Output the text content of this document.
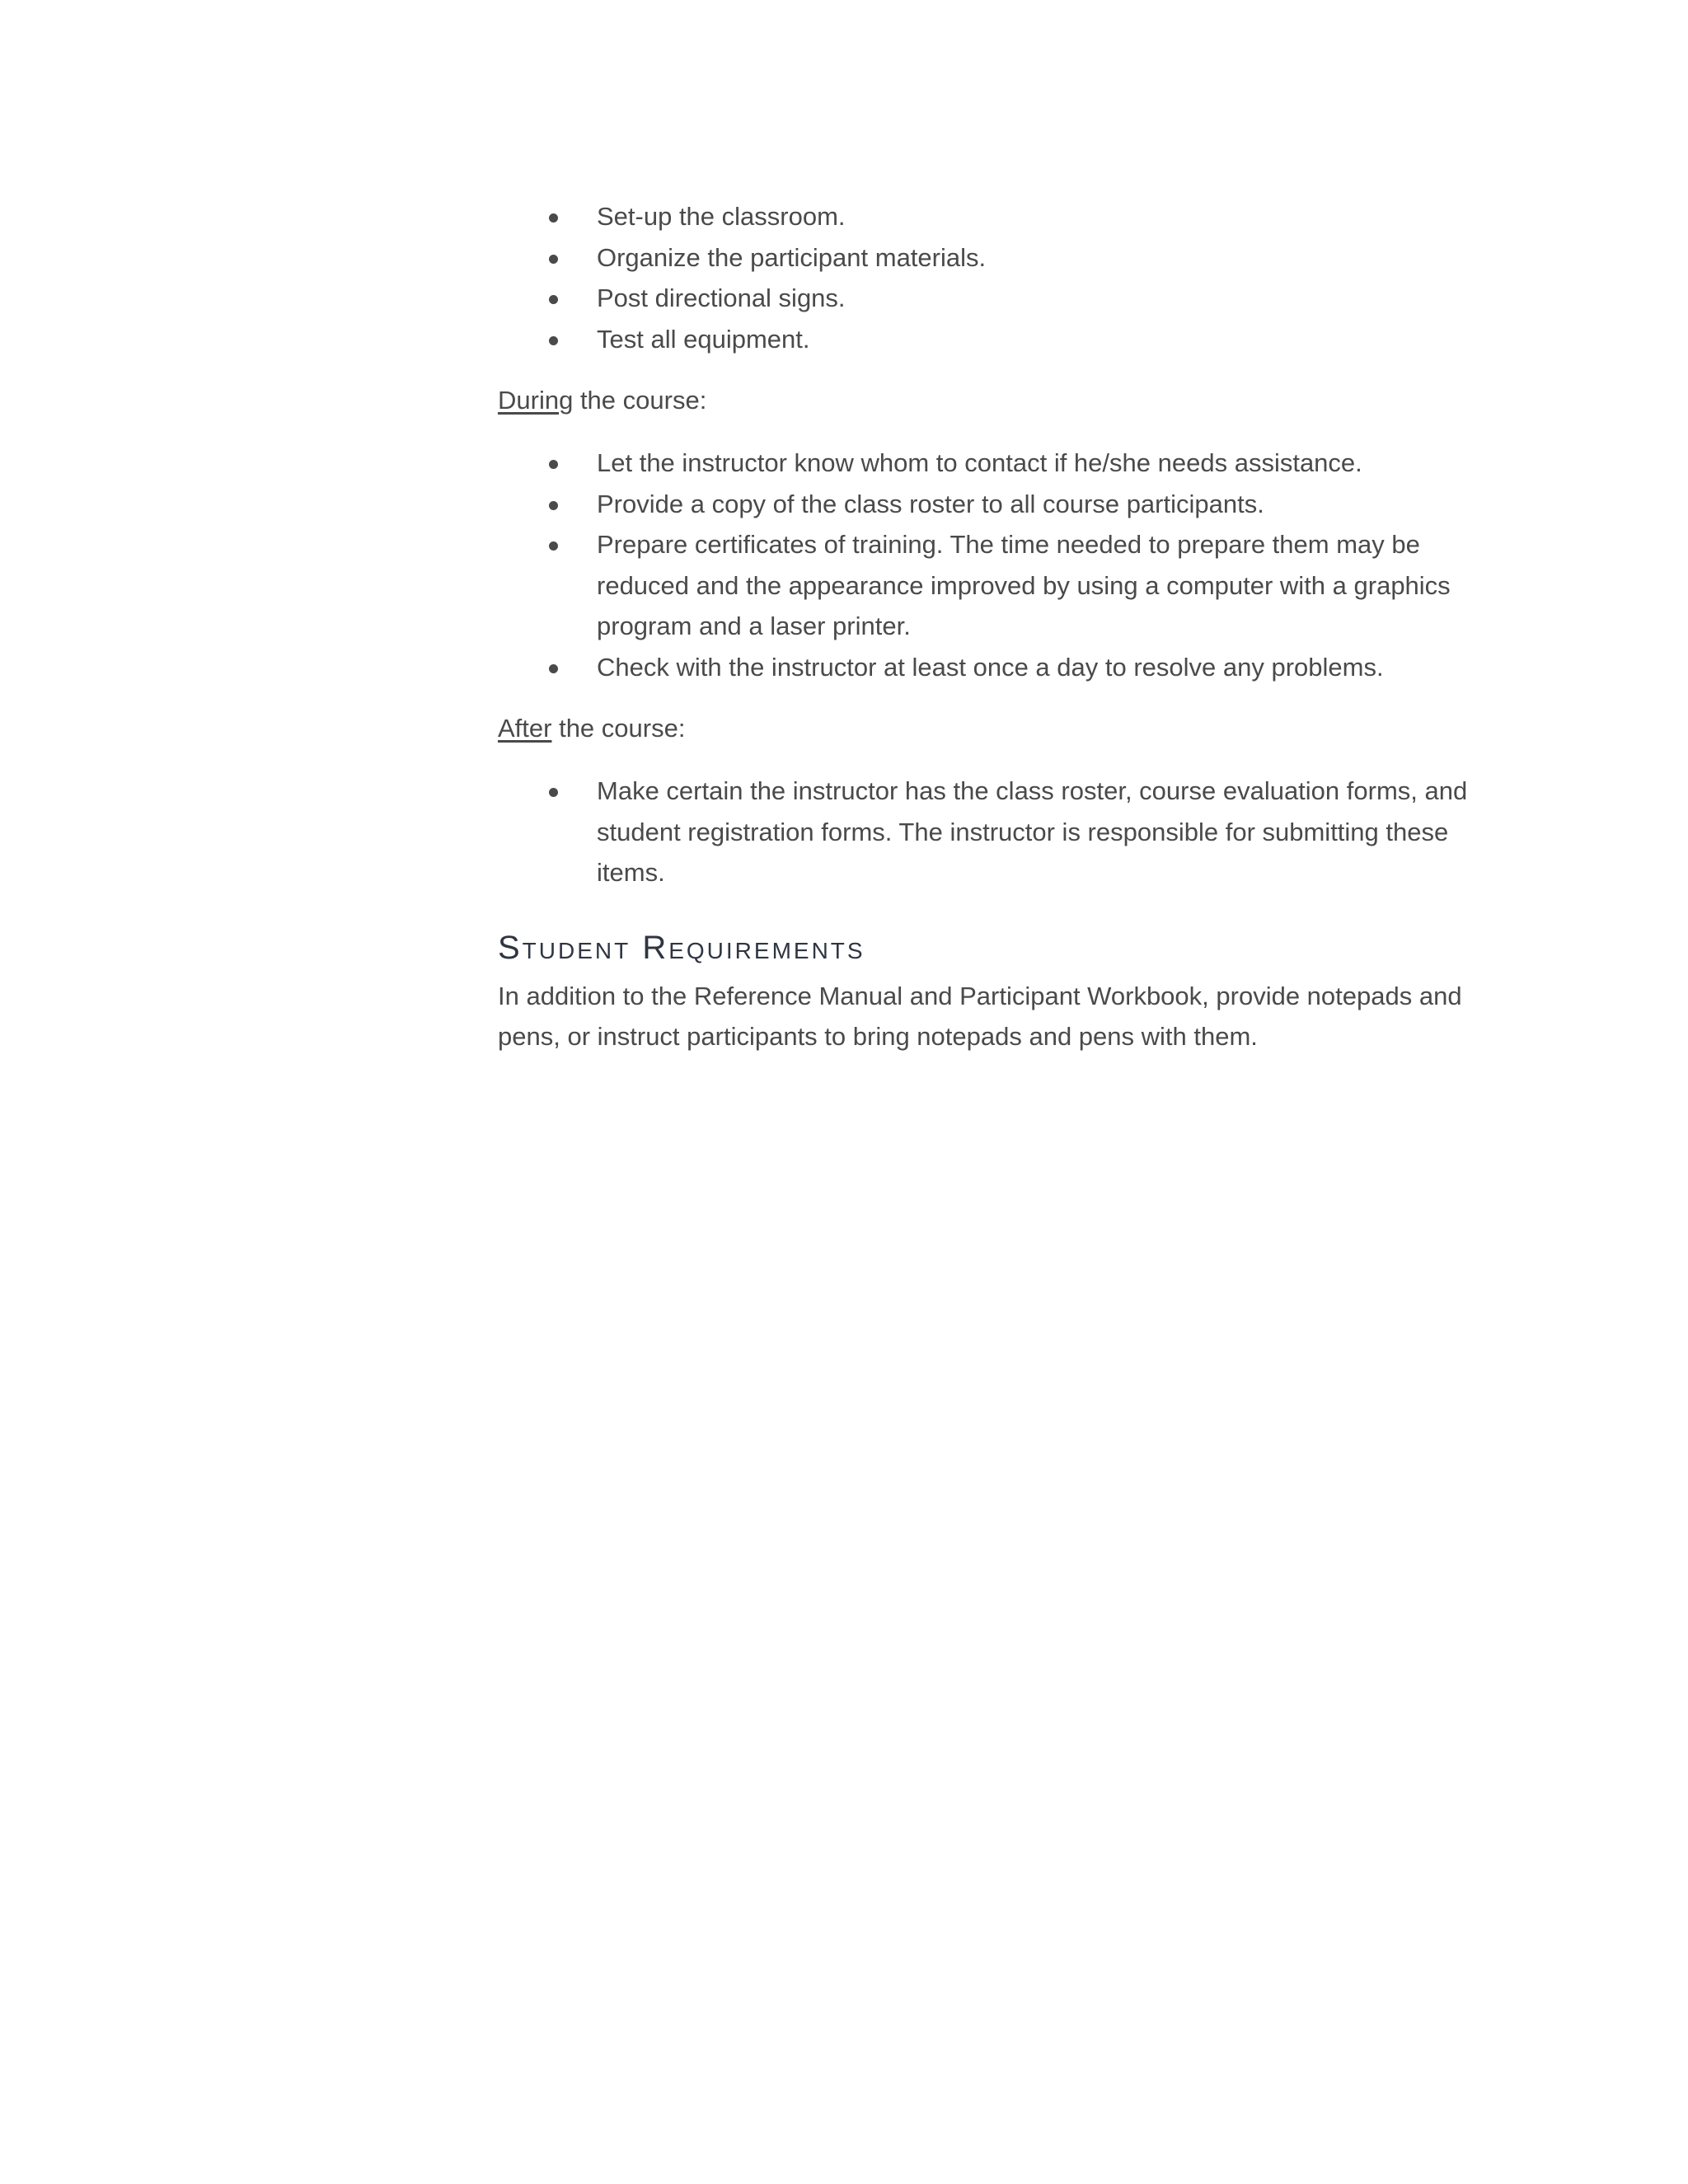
Set-up the classroom.
Organize the participant materials.
Post directional signs.
Test all equipment.

During the course:

Let the instructor know whom to contact if he/she needs assistance.
Provide a copy of the class roster to all course participants.
Prepare certificates of training. The time needed to prepare them may be reduced and the appearance improved by using a computer with a graphics program and a laser printer.
Check with the instructor at least once a day to resolve any problems.

After the course:

Make certain the instructor has the class roster, course evaluation forms, and student registration forms. The instructor is responsible for submitting these items.
Student Requirements

In addition to the Reference Manual and Participant Workbook, provide notepads and pens, or instruct participants to bring notepads and pens with them.
